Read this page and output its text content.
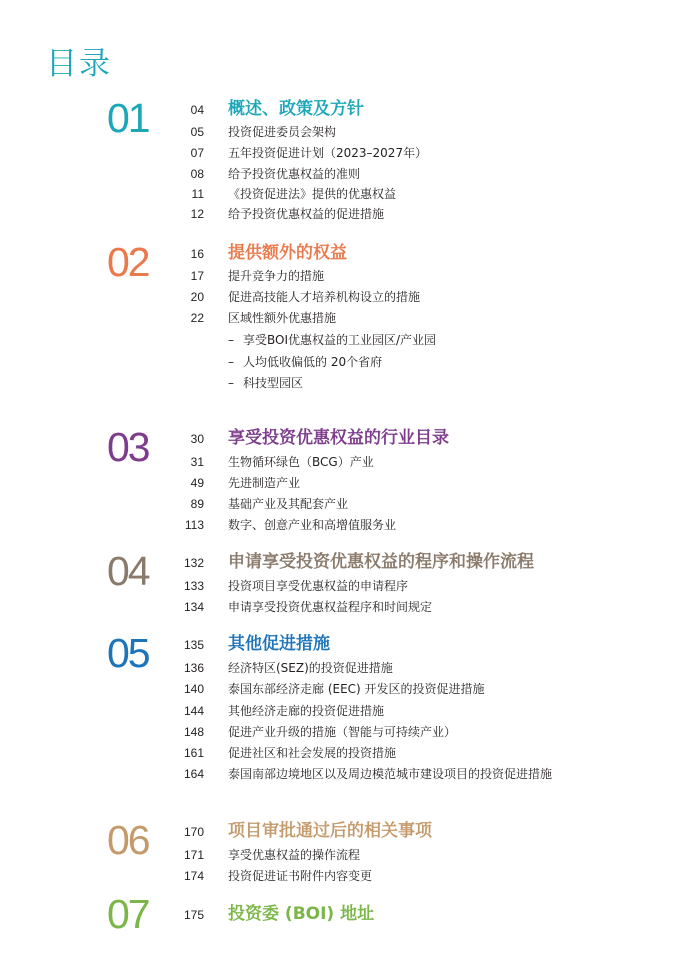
目录
01	04 概述、政策及方针
05 投资促进委员会架构
07 五年投资促进计划（2023–2027年）
08 给予投资优惠权益的准则
11 《投资促进法》提供的优惠权益
12 给予投资优惠权益的促进措施
02	16 提供额外的权益
17 提升竞争力的措施
20 促进高技能人才培养机构设立的措施
22 区域性额外优惠措施
– 享受BOI优惠权益的工业园区/产业园
– 人均低收偏低的 20个省府
– 科技型园区
03	30 享受投资优惠权益的行业目录
31 生物循环绿色（BCG）产业
49 先进制造产业
89 基础产业及其配套产业
113 数字、创意产业和高增值服务业
04	132 申请享受投资优惠权益的程序和操作流程
133 投资项目享受优惠权益的申请程序
134 申请享受投资优惠权益程序和时间规定
05	135 其他促进措施
136 经济特区(SEZ)的投资促进措施
140 泰国东部经济走廊 (EEC) 开发区的投资促进措施
144 其他经济走廊的投资促进措施
148 促进产业升级的措施（智能与可持续产业）
161 促进社区和社会发展的投资措施
164 泰国南部边境地区以及周边模范城市建设项目的投资促进措施
06	170 项目审批通过后的相关事项
171 享受优惠权益的操作流程
174 投资促进证书附件内容变更
07	175 投资委 (BOI) 地址
